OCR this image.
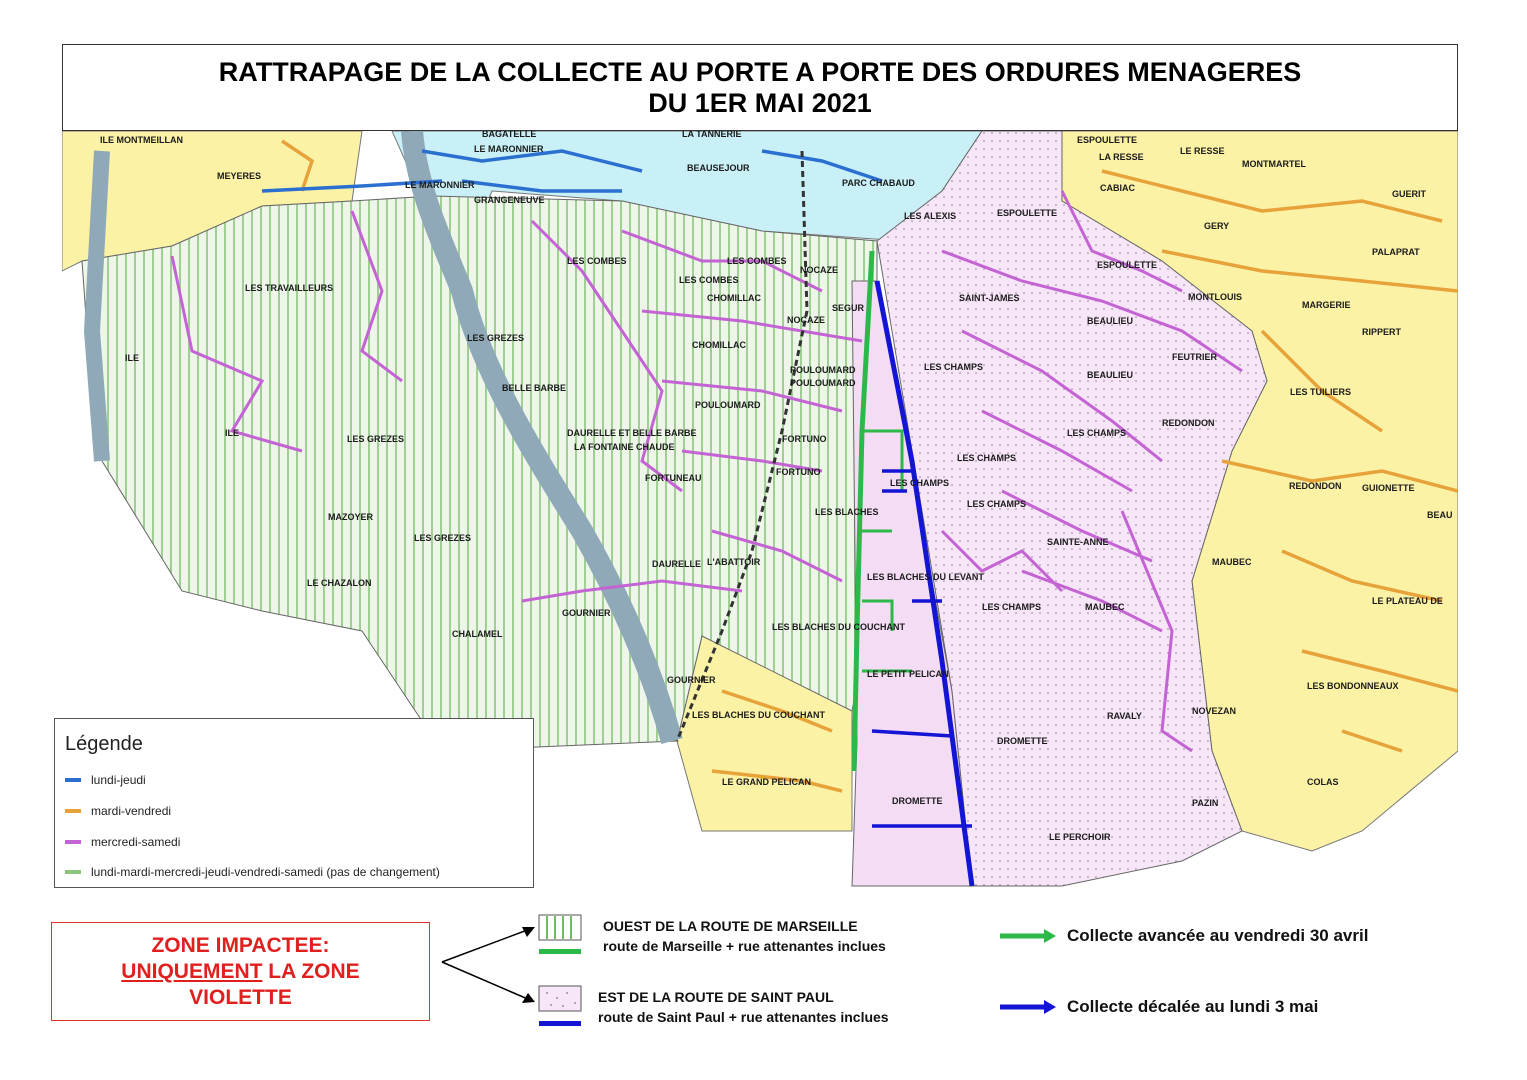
RATTRAPAGE DE LA COLLECTE AU PORTE A PORTE DES ORDURES MENAGERES
DU 1ER MAI 2021
ILE MONTMEILLAN
MEYERES
BAGATELLE
LE MARONNIER
LA TANNERIE
BEAUSEJOUR
LE MARONNIER
GRANGENEUVE
PARC CHABAUD
LES ALEXIS
ESPOULETTE
LA RESSE
LE RESSE
MONTMARTEL
CABIAC
ESPOULETTE
GUERIT
GERY
PALAPRAT
ESPOULETTE
MONTLOUIS
MARGERIE
RIPPERT
LES COMBES	LES COMBES
NOCAZE
LES TRAVAILLEURS
LES COMBES
CHOMILLAC
SEGUR
SAINT-JAMES
BEAULIEU
NOCAZE
LES GREZES
CHOMILLAC
FEUTRIER
ILE
BELLE BARBE
POULOUMARD
POULOUMARD
LES CHAMPS
BEAULIEU
LES TUILIERS
POULOUMARD
REDONDON
DAURELLE ET BELLE BARBE
LA FONTAINE CHAUDE
ILE
LES GREZES	FORTUNO
LES CHAMPS
LES CHAMPS
FORTUNO
FORTUNEAU	LES CHAMPS	REDONDON GUIONETTE
LES CHAMPS
MAZOYER	LES BLACHES	BEAU
LES GREZES	SAINTE-ANNE
DAURELLE L'ABATTOIR	MAUBEC
LE CHAZALON
LES BLACHES DU LEVANT
GOURNIER
LES CHAMPS	MAUBEC
LE PLATEAU DE
CHALAMEL
LES BLACHES DU COUCHANT
LE PETIT PELICAN
GOURNIER
LES BONDONNEAUX
LES BLACHES DU COUCHANT	NOVEZAN
RAVALY
DROMETTE
LE GRAND PELICAN	COLAS
DROMETTE	PAZIN
LE PERCHOIR
Légende
lundi-jeudi
mardi-vendredi
mercredi-samedi
lundi-mardi-mercredi-jeudi-vendredi-samedi (pas de changement)
ZONE IMPACTEE:
UNIQUEMENT LA ZONE
VIOLETTE
OUEST DE LA ROUTE DE MARSEILLE
route de Marseille + rue attenantes inclues
EST DE LA ROUTE DE SAINT PAUL
route de Saint Paul + rue attenantes inclues
Collecte avancée au vendredi 30 avril
Collecte décalée au lundi 3 mai
